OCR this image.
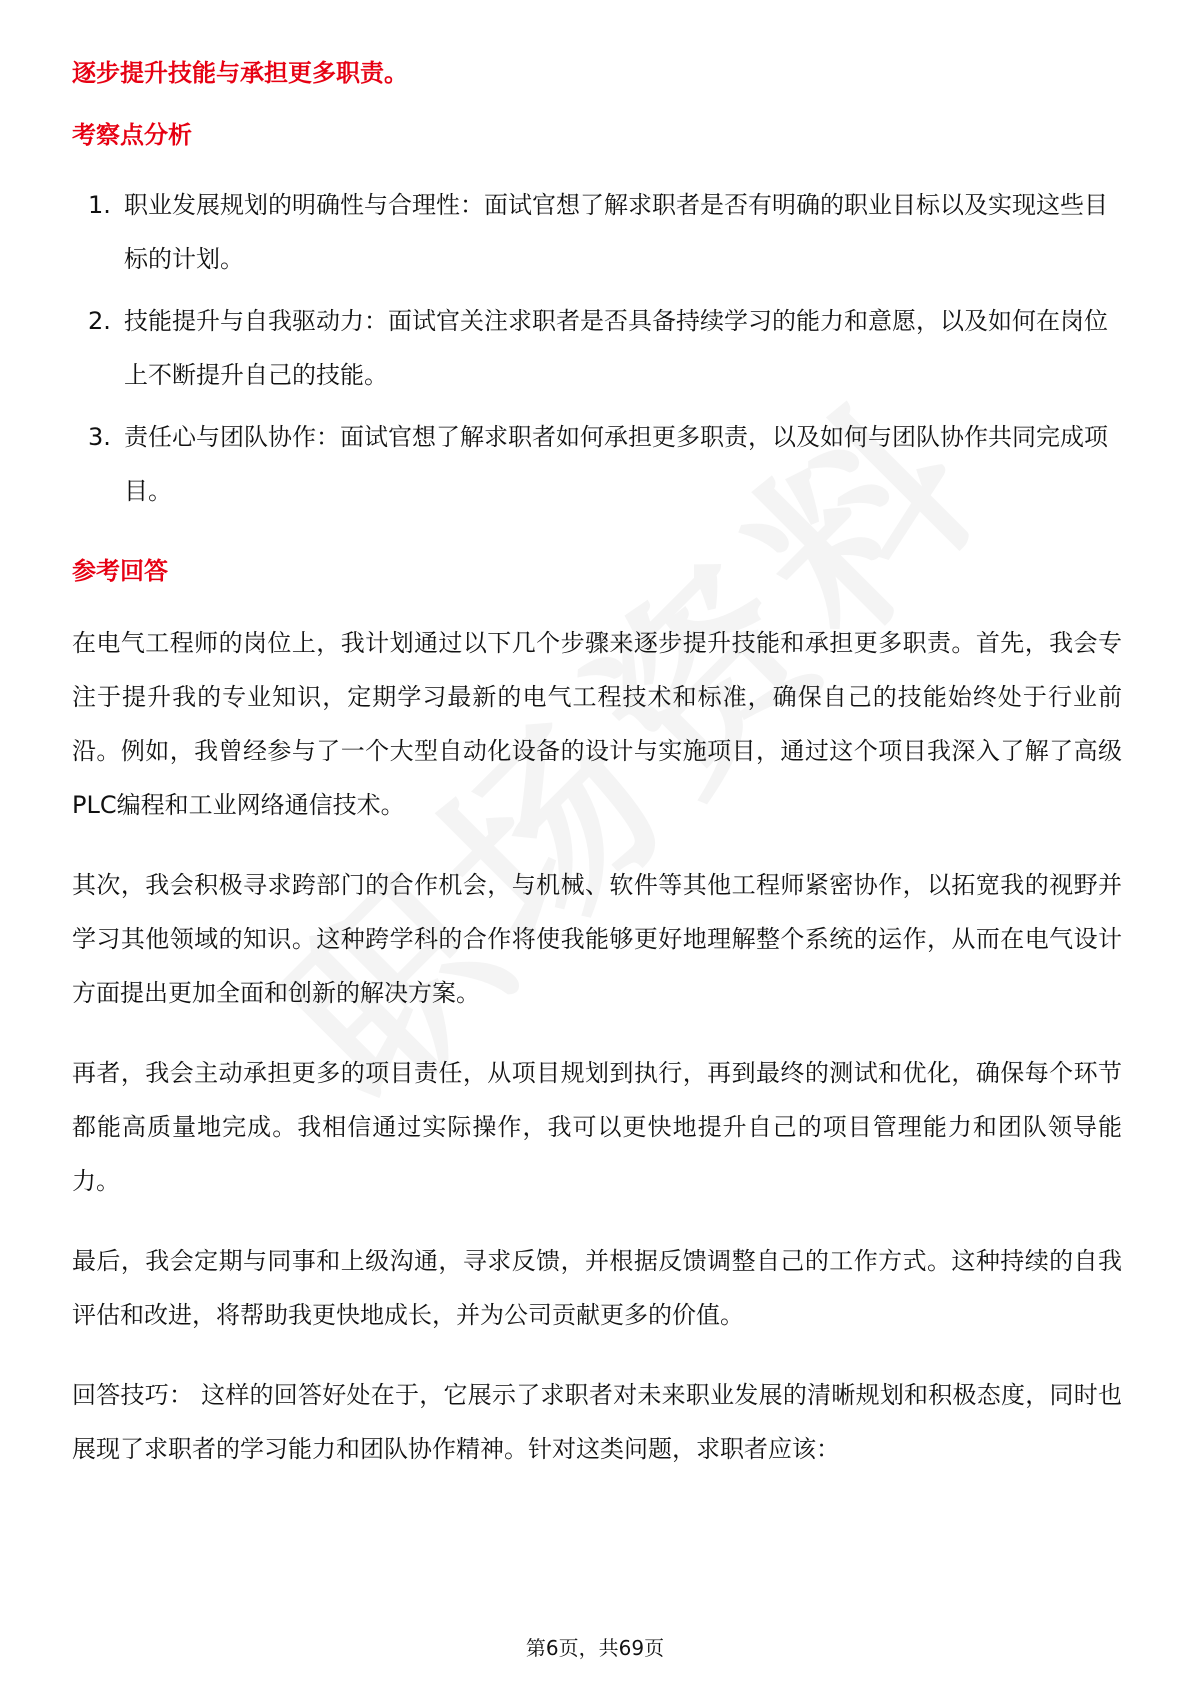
逐步提升技能与承担更多职责。

考察点分析

1. 职业发展规划的明确性与合理性：面试官想了解求职者是否有明确的职业目标以及实现这些目标的计划。
2. 技能提升与自我驱动力：面试官关注求职者是否具备持续学习的能力和意愿，以及如何在岗位上不断提升自己的技能。
3. 责任心与团队协作：面试官想了解求职者如何承担更多职责，以及如何与团队协作共同完成项目。

参考回答

在电气工程师的岗位上，我计划通过以下几个步骤来逐步提升技能和承担更多职责。首先，我会专注于提升我的专业知识，定期学习最新的电气工程技术和标准，确保自己的技能始终处于行业前沿。例如，我曾经参与了一个大型自动化设备的设计与实施项目，通过这个项目我深入了解了高级PLC编程和工业网络通信技术。

其次，我会积极寻求跨部门的合作机会，与机械、软件等其他工程师紧密协作，以拓宽我的视野并学习其他领域的知识。这种跨学科的合作将使我能够更好地理解整个系统的运作，从而在电气设计方面提出更加全面和创新的解决方案。

再者，我会主动承担更多的项目责任，从项目规划到执行，再到最终的测试和优化，确保每个环节都能高质量地完成。我相信通过实际操作，我可以更快地提升自己的项目管理能力和团队领导能力。

最后，我会定期与同事和上级沟通，寻求反馈，并根据反馈调整自己的工作方式。这种持续的自我评估和改进，将帮助我更快地成长，并为公司贡献更多的价值。

回答技巧： 这样的回答好处在于，它展示了求职者对未来职业发展的清晰规划和积极态度，同时也展现了求职者的学习能力和团队协作精神。针对这类问题，求职者应该：

第6页，共69页
